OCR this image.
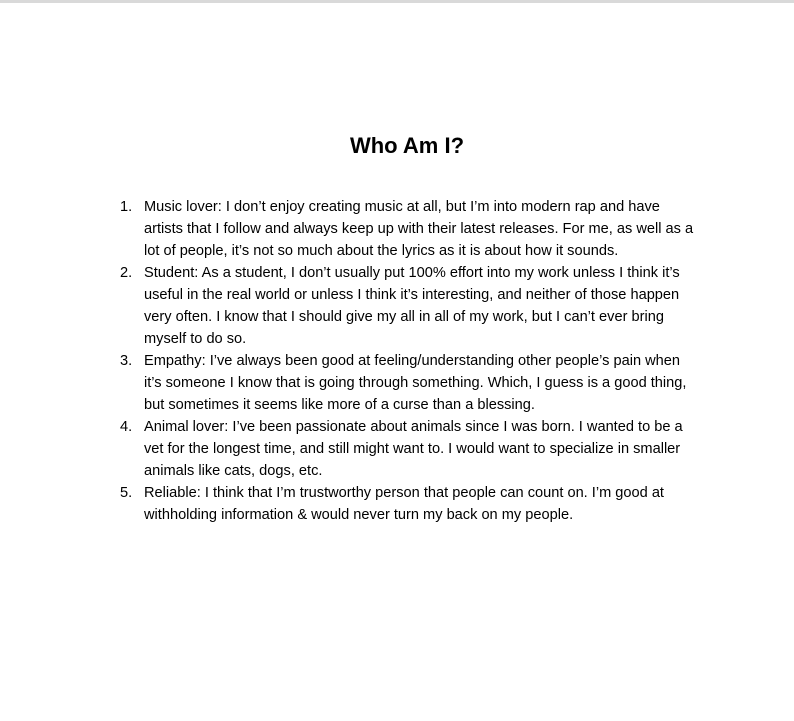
Who Am I?
1. Music lover: I don’t enjoy creating music at all, but I’m into modern rap and have artists that I follow and always keep up with their latest releases. For me, as well as a lot of people, it’s not so much about the lyrics as it is about how it sounds.
2. Student: As a student, I don’t usually put 100% effort into my work unless I think it’s useful in the real world or unless I think it’s interesting, and neither of those happen very often. I know that I should give my all in all of my work, but I can’t ever bring myself to do so.
3. Empathy: I’ve always been good at feeling/understanding other people’s pain when it’s someone I know that is going through something. Which, I guess is a good thing, but sometimes it seems like more of a curse than a blessing.
4. Animal lover: I’ve been passionate about animals since I was born. I wanted to be a vet for the longest time, and still might want to. I would want to specialize in smaller animals like cats, dogs, etc.
5. Reliable: I think that I’m trustworthy person that people can count on. I’m good at withholding information & would never turn my back on my people.
